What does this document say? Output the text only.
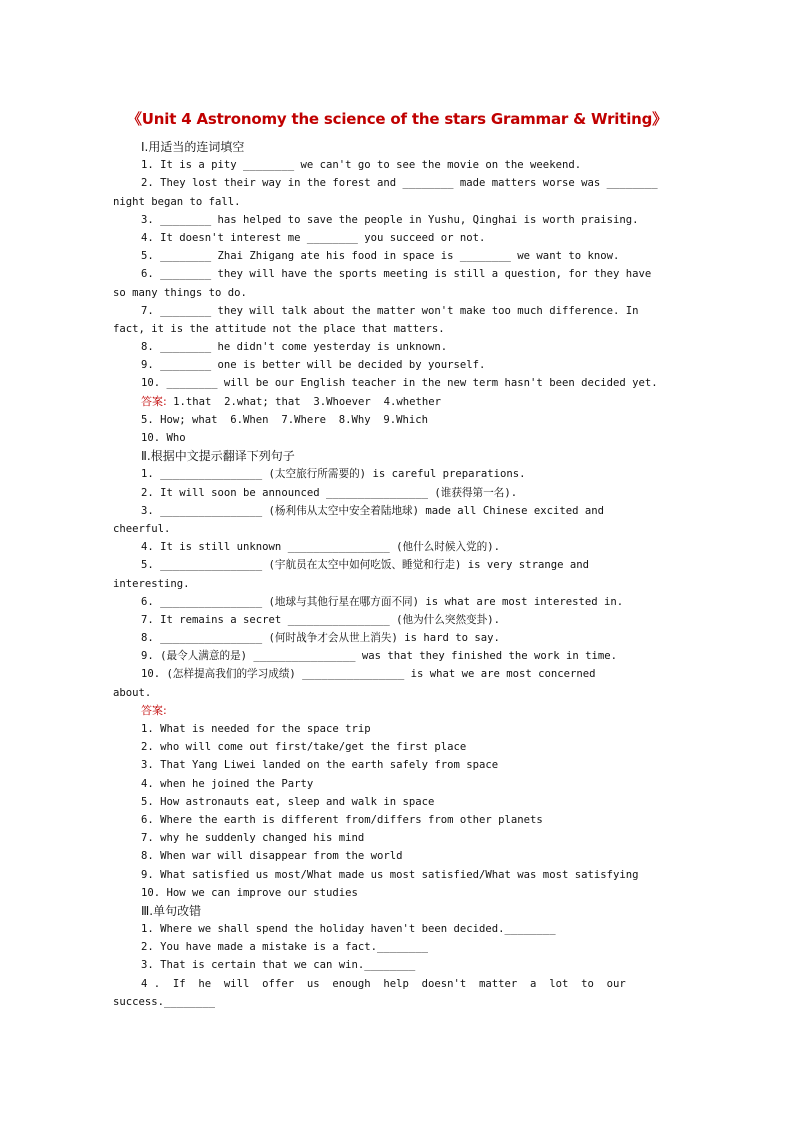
《Unit 4 Astronomy the science of the stars Grammar & Writing》
Ⅰ.用适当的连词填空
1. It is a pity ________ we can't go to see the movie on the weekend.
2. They lost their way in the forest and ________ made matters worse was ________
night began to fall.
3. ________ has helped to save the people in Yushu, Qinghai is worth praising.
4. It doesn't interest me ________ you succeed or not.
5. ________ Zhai Zhigang ate his food in space is ________ we want to know.
6. ________ they will have the sports meeting is still a question, for they have
so many things to do.
7. ________ they will talk about the matter won't make too much difference. In
fact, it is the attitude not the place that matters.
8. ________ he didn't come yesterday is unknown.
9. ________ one is better will be decided by yourself.
10. ________ will be our English teacher in the new term hasn't been decided yet.
答案: 1.that  2.what; that  3.Whoever  4.whether
5. How; what  6.When  7.Where  8.Why  9.Which
10. Who
Ⅱ.根据中文提示翻译下列句子
1. ________________ (太空旅行所需要的) is careful preparations.
2. It will soon be announced ________________ (谁获得第一名).
3. ________________ (杨利伟从太空中安全着陆地球) made all Chinese excited and
cheerful.
4. It is still unknown ________________ (他什么时候入党的).
5. ________________ (宇航员在太空中如何吃饭、睡觉和行走) is very strange and
interesting.
6. ________________ (地球与其他行星在哪方面不同) is what are most interested in.
7. It remains a secret ________________ (他为什么突然变卦).
8. ________________ (何时战争才会从世上消失) is hard to say.
9. (最令人满意的是) ________________ was that they finished the work in time.
10. (怎样提高我们的学习成绩) ________________ is what we are most concerned
about.
答案:
1. What is needed for the space trip
2. who will come out first/take/get the first place
3. That Yang Liwei landed on the earth safely from space
4. when he joined the Party
5. How astronauts eat, sleep and walk in space
6. Where the earth is different from/differs from other planets
7. why he suddenly changed his mind
8. When war will disappear from the world
9. What satisfied us most/What made us most satisfied/What was most satisfying
10. How we can improve our studies
Ⅲ.单句改错
1. Where we shall spend the holiday haven't been decided.________
2. You have made a mistake is a fact.________
3. That is certain that we can win.________
4 .  If  he  will  offer  us  enough  help  doesn't  matter  a  lot  to  our
success.________
